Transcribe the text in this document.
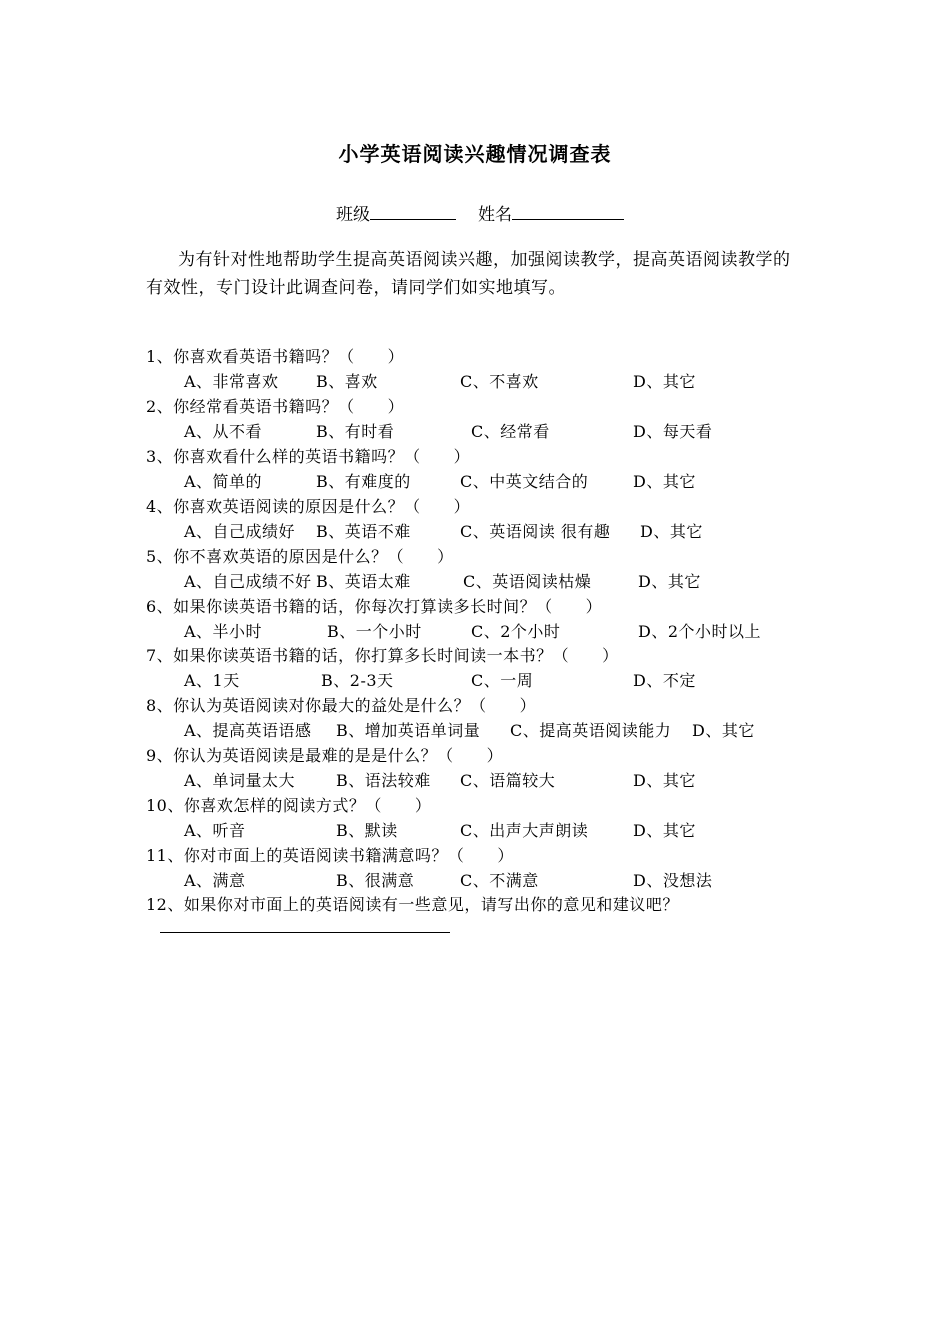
小学英语阅读兴趣情况调查表
班级	姓名
为有针对性地帮助学生提高英语阅读兴趣，加强阅读教学，提高英语阅读教学的有效性，专门设计此调查问卷，请同学们如实地填写。
1、你喜欢看英语书籍吗？（　　）
A、非常喜欢 B、喜欢	C、不喜欢	D、其它
2、你经常看英语书籍吗？（　　）
A、从不看	B、有时看	C、经常看	D、每天看
3、你喜欢看什么样的英语书籍吗？（　　）
A、简单的	B、有难度的	C、中英文结合的	D、其它
4、你喜欢英语阅读的原因是什么？（　　）
A、自己成绩好 B、英语不难	C、英语阅读 很有趣 D、其它
5、你不喜欢英语的原因是什么？（　　）
A、自己成绩不好 B、英语太难	C、英语阅读枯燥	D、其它
6、如果你读英语书籍的话，你每次打算读多长时间？（　　）
A、半小时	B、一个小时	C、2个小时	D、2个小时以上
7、如果你读英语书籍的话，你打算多长时间读一本书？（　　）
A、1天	B、2-3天	C、一周	D、不定
8、你认为英语阅读对你最大的益处是什么？（　　）
A、提高英语语感 B、增加英语单词量 C、提高英语阅读能力 D、其它
9、你认为英语阅读是最难的是是什么？（　　）
A、单词量太大	B、语法较难 C、语篇较大	D、其它
10、你喜欢怎样的阅读方式？（　　）
A、听音	B、默读	C、出声大声朗读	D、其它
11、你对市面上的英语阅读书籍满意吗？（　　）
A、满意	B、很满意	C、不满意	D、没想法
12、如果你对市面上的英语阅读有一些意见，请写出你的意见和建议吧？
